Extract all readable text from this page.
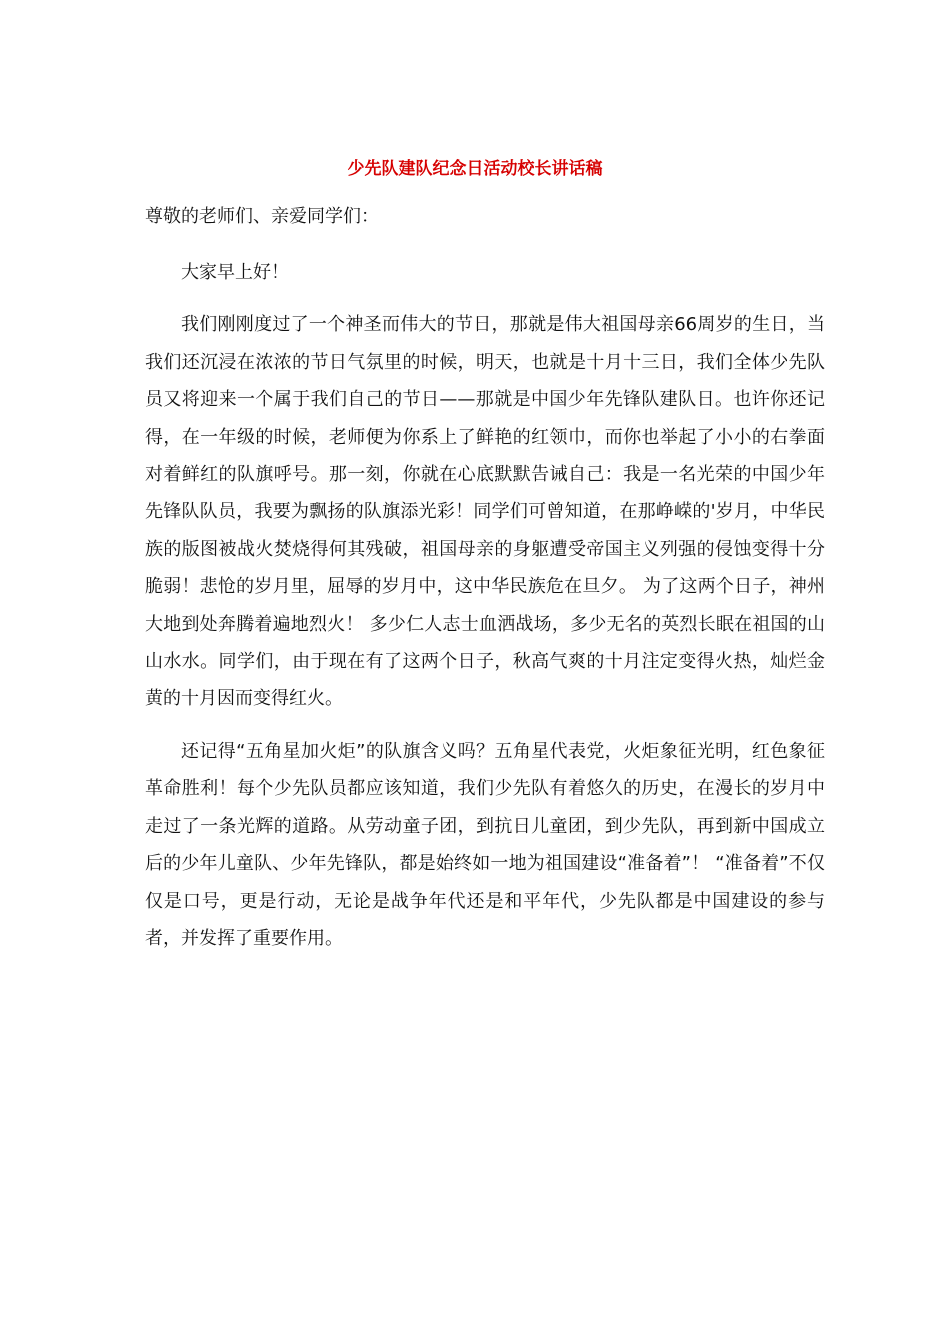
少先队建队纪念日活动校长讲话稿

尊敬的老师们、亲爱同学们：

大家早上好！

我们刚刚度过了一个神圣而伟大的节日，那就是伟大祖国母亲66周岁的生日，当我们还沉浸在浓浓的节日气氛里的时候，明天，也就是十月十三日，我们全体少先队员又将迎来一个属于我们自己的节日——那就是中国少年先锋队建队日。也许你还记得，在一年级的时候，老师便为你系上了鲜艳的红领巾，而你也举起了小小的右拳面对着鲜红的队旗呼号。那一刻，你就在心底默默告诫自己：我是一名光荣的中国少年先锋队队员，我要为飘扬的队旗添光彩！同学们可曾知道，在那峥嵘的'岁月，中华民族的版图被战火焚烧得何其残破，祖国母亲的身躯遭受帝国主义列强的侵蚀变得十分脆弱！悲怆的岁月里，屈辱的岁月中，这中华民族危在旦夕。 为了这两个日子，神州大地到处奔腾着遍地烈火！ 多少仁人志士血洒战场，多少无名的英烈长眠在祖国的山山水水。同学们，由于现在有了这两个日子，秋高气爽的十月注定变得火热，灿烂金黄的十月因而变得红火。

还记得“五角星加火炬”的队旗含义吗？五角星代表党，火炬象征光明，红色象征革命胜利！每个少先队员都应该知道，我们少先队有着悠久的历史，在漫长的岁月中走过了一条光辉的道路。从劳动童子团，到抗日儿童团，到少先队，再到新中国成立后的少年儿童队、少年先锋队，都是始终如一地为祖国建设“准备着”！ “准备着”不仅仅是口号，更是行动，无论是战争年代还是和平年代，少先队都是中国建设的参与者，并发挥了重要作用。
